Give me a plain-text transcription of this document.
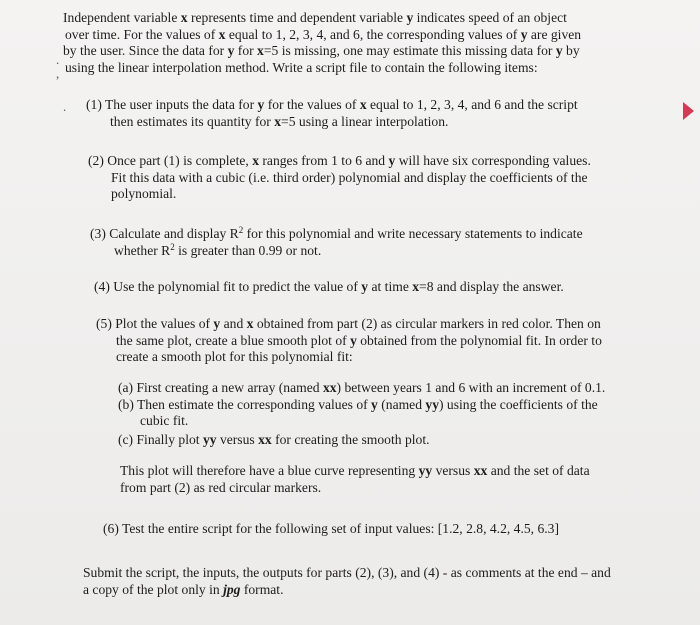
Independent variable x represents time and dependent variable y indicates speed of an object
over time. For the values of x equal to 1, 2, 3, 4, and 6, the corresponding values of y are given
by the user. Since the data for y for x=5 is missing, one may estimate this missing data for y by
using the linear interpolation method. Write a script file to contain the following items:
.
,
(1) The user inputs the data for y for the values of x equal to 1, 2, 3, 4, and 6 and the script
then estimates its quantity for x=5 using a linear interpolation.
.
(2) Once part (1) is complete, x ranges from 1 to 6 and y will have six corresponding values.
Fit this data with a cubic (i.e. third order) polynomial and display the coefficients of the
polynomial.
(3) Calculate and display $R^2$ for this polynomial and write necessary statements to indicate
whether $R^2$ is greater than 0.99 or not.
(4) Use the polynomial fit to predict the value of y at time x=8 and display the answer.
(5) Plot the values of y and x obtained from part (2) as circular markers in red color. Then on
the same plot, create a blue smooth plot of y obtained from the polynomial fit. In order to
create a smooth plot for this polynomial fit:
(a) First creating a new array (named xx) between years 1 and 6 with an increment of 0.1.
(b) Then estimate the corresponding values of y (named yy) using the coefficients of the
cubic fit.
(c) Finally plot yy versus xx for creating the smooth plot.
This plot will therefore have a blue curve representing yy versus xx and the set of data
from part (2) as red circular markers.
(6) Test the entire script for the following set of input values: [1.2, 2.8, 4.2, 4.5, 6.3]
Submit the script, the inputs, the outputs for parts (2), (3), and (4) - as comments at the end – and
a copy of the plot only in jpg format.
